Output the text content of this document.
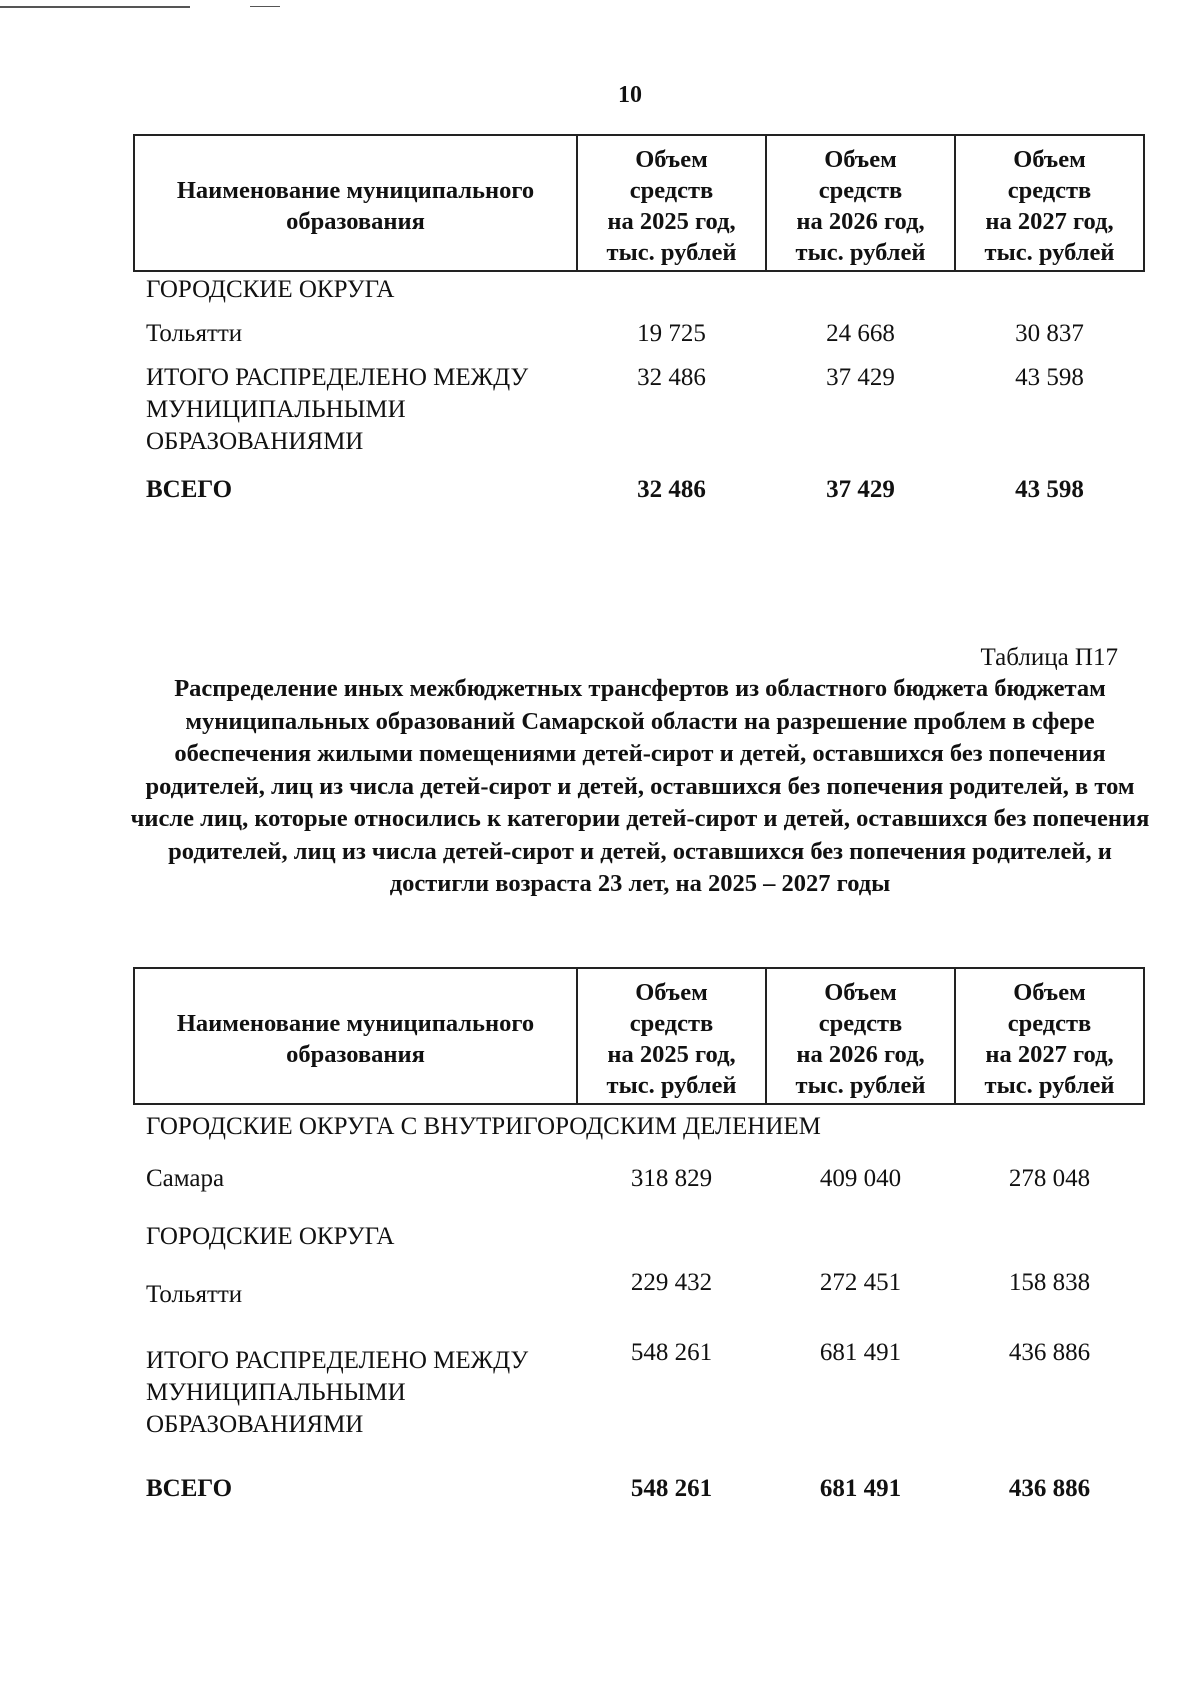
10
Наименование муниципального образования	Объем
средств
на 2025 год,
тыс. рублей	Объем
средств
на 2026 год,
тыс. рублей	Объем
средств
на 2027 год,
тыс. рублей
ГОРОДСКИЕ ОКРУГА			
Тольятти	19 725	24 668	30 837
ИТОГО РАСПРЕДЕЛЕНО МЕЖДУ МУНИЦИПАЛЬНЫМИ ОБРАЗОВАНИЯМИ	32 486	37 429	43 598
ВСЕГО	32 486	37 429	43 598
Таблица П17
Распределение иных межбюджетных трансфертов из областного бюджета бюджетам муниципальных образований Самарской области на разрешение проблем в сфере обеспечения жилыми помещениями детей-сирот и детей, оставшихся без попечения родителей, лиц из числа детей-сирот и детей, оставшихся без попечения родителей, в том числе лиц, которые относились к категории детей-сирот и детей, оставшихся без попечения родителей, лиц из числа детей-сирот и детей, оставшихся без попечения родителей, и достигли возраста 23 лет, на 2025 – 2027 годы
Наименование муниципального образования	Объем
средств
на 2025 год,
тыс. рублей	Объем
средств
на 2026 год,
тыс. рублей	Объем
средств
на 2027 год,
тыс. рублей
ГОРОДСКИЕ ОКРУГА С ВНУТРИГОРОДСКИМ ДЕЛЕНИЕМ			
Самара	318 829	409 040	278 048
ГОРОДСКИЕ ОКРУГА			
Тольятти	229 432	272 451	158 838
ИТОГО РАСПРЕДЕЛЕНО МЕЖДУ МУНИЦИПАЛЬНЫМИ ОБРАЗОВАНИЯМИ	548 261	681 491	436 886
ВСЕГО	548 261	681 491	436 886
